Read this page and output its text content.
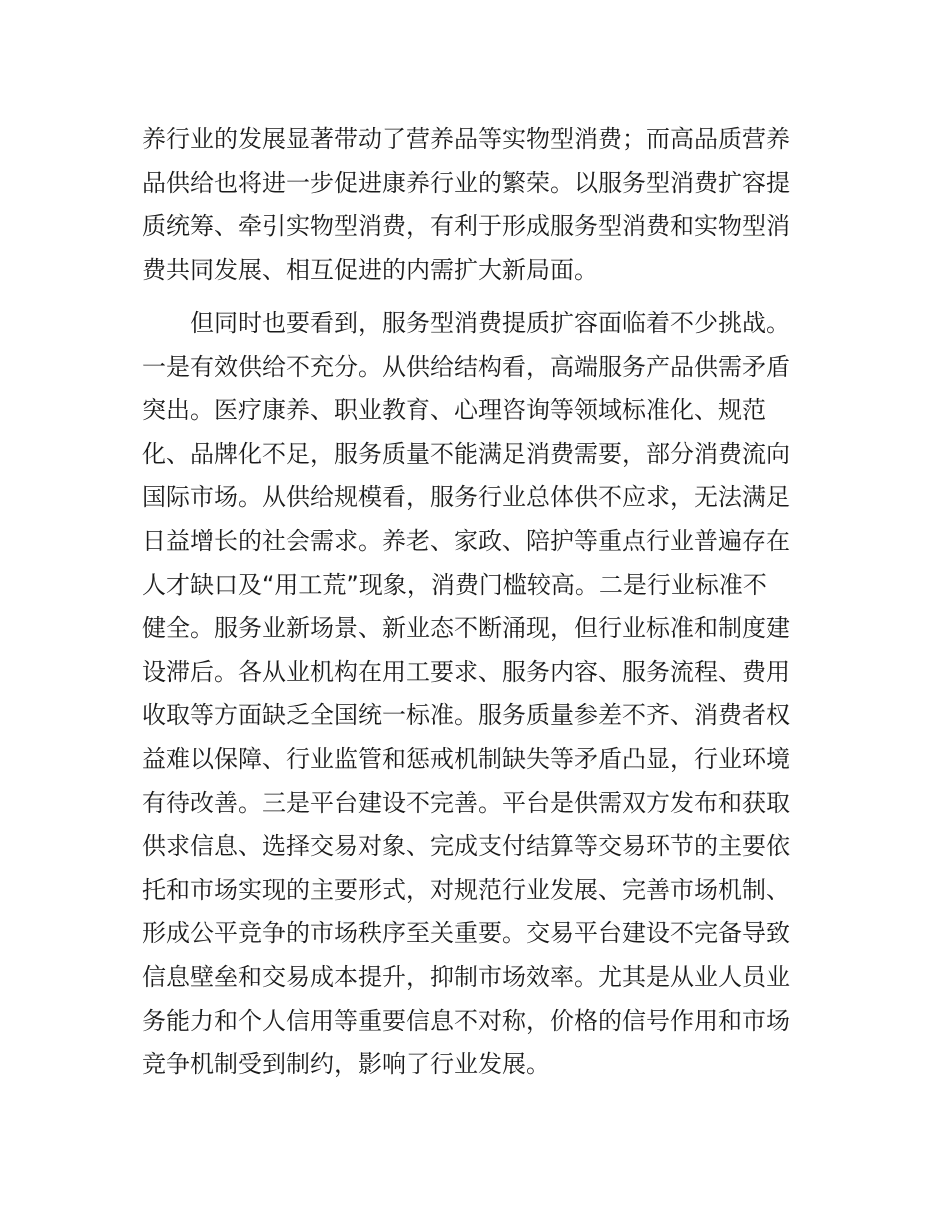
养行业的发展显著带动了营养品等实物型消费；而高品质营养
品供给也将进一步促进康养行业的繁荣。以服务型消费扩容提
质统筹、牵引实物型消费，有利于形成服务型消费和实物型消
费共同发展、相互促进的内需扩大新局面。
但同时也要看到，服务型消费提质扩容面临着不少挑战。
一是有效供给不充分。从供给结构看，高端服务产品供需矛盾
突出。医疗康养、职业教育、心理咨询等领域标准化、规范
化、品牌化不足，服务质量不能满足消费需要，部分消费流向
国际市场。从供给规模看，服务行业总体供不应求，无法满足
日益增长的社会需求。养老、家政、陪护等重点行业普遍存在
人才缺口及“用工荒”现象，消费门槛较高。二是行业标准不
健全。服务业新场景、新业态不断涌现，但行业标准和制度建
设滞后。各从业机构在用工要求、服务内容、服务流程、费用
收取等方面缺乏全国统一标准。服务质量参差不齐、消费者权
益难以保障、行业监管和惩戒机制缺失等矛盾凸显，行业环境
有待改善。三是平台建设不完善。平台是供需双方发布和获取
供求信息、选择交易对象、完成支付结算等交易环节的主要依
托和市场实现的主要形式，对规范行业发展、完善市场机制、
形成公平竞争的市场秩序至关重要。交易平台建设不完备导致
信息壁垒和交易成本提升，抑制市场效率。尤其是从业人员业
务能力和个人信用等重要信息不对称，价格的信号作用和市场
竞争机制受到制约，影响了行业发展。
